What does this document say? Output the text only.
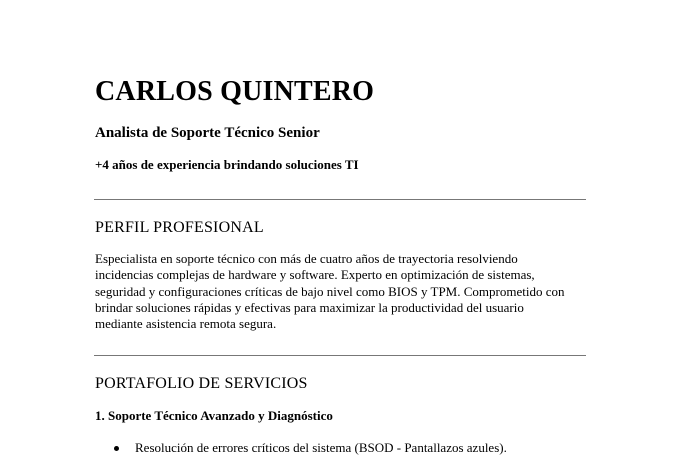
CARLOS QUINTERO
Analista de Soporte Técnico Senior
+4 años de experiencia brindando soluciones TI
PERFIL PROFESIONAL

Especialista en soporte técnico con más de cuatro años de trayectoria resolviendo
incidencias complejas de hardware y software. Experto en optimización de sistemas,
seguridad y configuraciones críticas de bajo nivel como BIOS y TPM. Comprometido con
brindar soluciones rápidas y efectivas para maximizar la productividad del usuario
mediante asistencia remota segura.

PORTAFOLIO DE SERVICIOS
1. Soporte Técnico Avanzado y Diagnóstico
Resolución de errores críticos del sistema (BSOD - Pantallazos azules).
